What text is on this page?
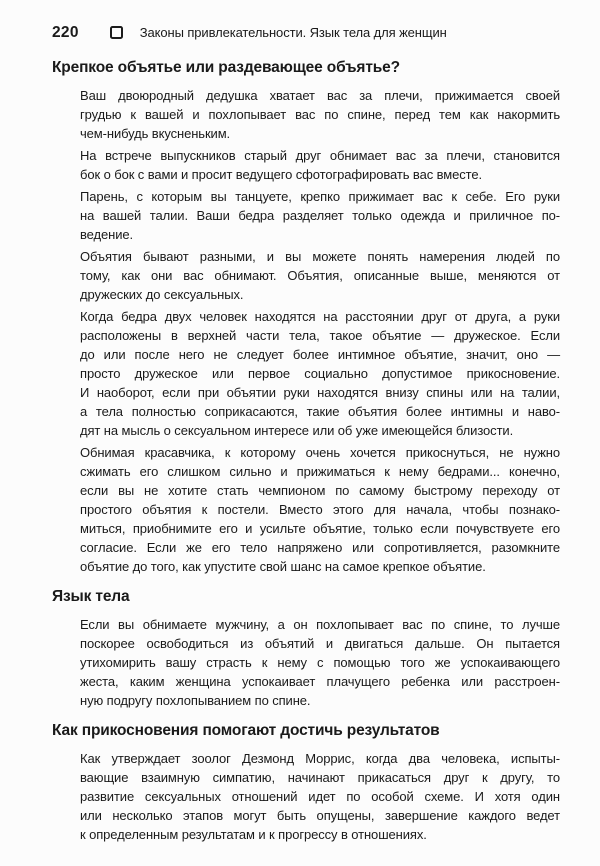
220	Законы привлекательности. Язык тела для женщин
Крепкое объятье или раздевающее объятье?

Ваш двоюродный дедушка хватает вас за плечи, прижимается своей
грудью к вашей и похлопывает вас по спине, перед тем как накормить
чем-нибудь вкусненьким.

На встрече выпускников старый друг обнимает вас за плечи, становится
бок о бок с вами и просит ведущего сфотографировать вас вместе.

Парень, с которым вы танцуете, крепко прижимает вас к себе. Его руки
на вашей талии. Ваши бедра разделяет только одежда и приличное по-
ведение.

Объятия бывают разными, и вы можете понять намерения людей по
тому, как они вас обнимают. Объятия, описанные выше, меняются от
дружеских до сексуальных.

Когда бедра двух человек находятся на расстоянии друг от друга, а руки
расположены в верхней части тела, такое объятие — дружеское. Если
до или после него не следует более интимное объятие, значит, оно —
просто дружеское или первое социально допустимое прикосновение.
И наоборот, если при объятии руки находятся внизу спины или на талии,
а тела полностью соприкасаются, такие объятия более интимны и наво-
дят на мысль о сексуальном интересе или об уже имеющейся близости.

Обнимая красавчика, к которому очень хочется прикоснуться, не нужно
сжимать его слишком сильно и прижиматься к нему бедрами... конечно,
если вы не хотите стать чемпионом по самому быстрому переходу от
простого объятия к постели. Вместо этого для начала, чтобы познако-
миться, приобнимите его и усильте объятие, только если почувствуете его
согласие. Если же его тело напряжено или сопротивляется, разомкните
объятие до того, как упустите свой шанс на самое крепкое объятие.

Язык тела

Если вы обнимаете мужчину, а он похлопывает вас по спине, то лучше
поскорее освободиться из объятий и двигаться дальше. Он пытается
утихомирить вашу страсть к нему с помощью того же успокаивающего
жеста, каким женщина успокаивает плачущего ребенка или расстроен-
ную подругу похлопыванием по спине.

Как прикосновения помогают достичь результатов

Как утверждает зоолог Дезмонд Моррис, когда два человека, испыты-
вающие взаимную симпатию, начинают прикасаться друг к другу, то
развитие сексуальных отношений идет по особой схеме. И хотя один
или несколько этапов могут быть опущены, завершение каждого ведет
к определенным результатам и к прогрессу в отношениях.
